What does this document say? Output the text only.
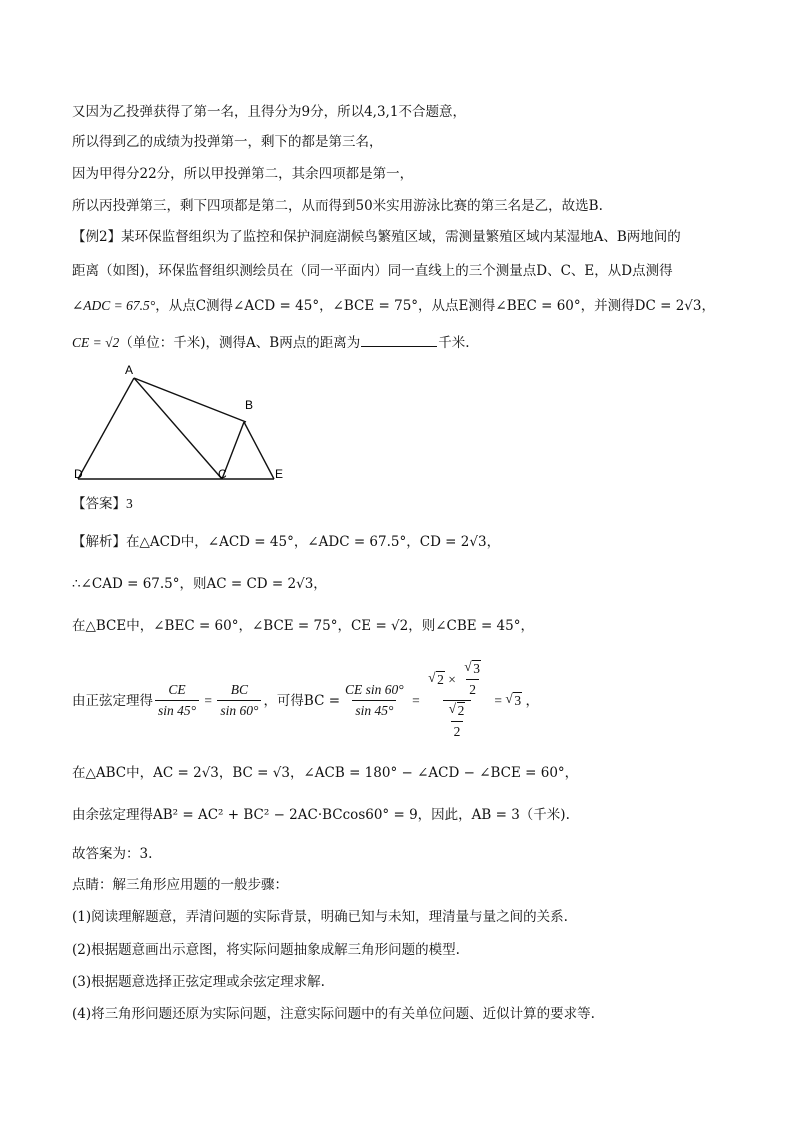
又因为乙投弹获得了第一名，且得分为9分，所以4,3,1不合题意，
所以得到乙的成绩为投弹第一，剩下的都是第三名，
因为甲得分22分，所以甲投弹第二，其余四项都是第一，
所以丙投弹第三，剩下四项都是第二，从而得到50米实用游泳比赛的第三名是乙，故选B.
【例2】某环保监督组织为了监控和保护洞庭湖候鸟繁殖区域，需测量繁殖区域内某湿地A、B两地间的
距离（如图)，环保监督组织测绘员在（同一平面内）同一直线上的三个测量点D、C、E，从D点测得
∠ADC = 67.5°，从点C测得∠ACD = 45°，∠BCE = 75°，从点E测得∠BEC = 60°，并测得DC = 2√3，
CE = √2（单位：千米)，测得A、B两点的距离为	千米.
A
B
C
D	E
【答案】3
【解析】在△ACD中，∠ACD = 45°，∠ADC = 67.5°，CD = 2√3，
∴∠CAD = 67.5°，则AC = CD = 2√3，
在△BCE中，∠BEC = 60°，∠BCE = 75°，CE = √2，则∠CBE = 45°，
由正弦定理得 $\frac{CE}{\sin 45^\circ} = \frac{BC}{\sin 60^\circ}$ ，可得BC = $\frac{\text{CE sin 60°}}{\sin 45^\circ} = \frac{√ 2 \times \frac{√ 3}{2}}{\frac{√ 2}{2}}$ = √ 3 ，
在△ABC中，AC = 2√3，BC = √3，∠ACB = 180° − ∠ACD − ∠BCE = 60°，
由余弦定理得AB² = AC² + BC² − 2AC·BCcos60° = 9，因此，AB = 3（千米).
故答案为：3.
点睛：解三角形应用题的一般步骤：
(1)阅读理解题意，弄清问题的实际背景，明确已知与未知，理清量与量之间的关系.
(2)根据题意画出示意图，将实际问题抽象成解三角形问题的模型.
(3)根据题意选择正弦定理或余弦定理求解.
(4)将三角形问题还原为实际问题，注意实际问题中的有关单位问题、近似计算的要求等.
